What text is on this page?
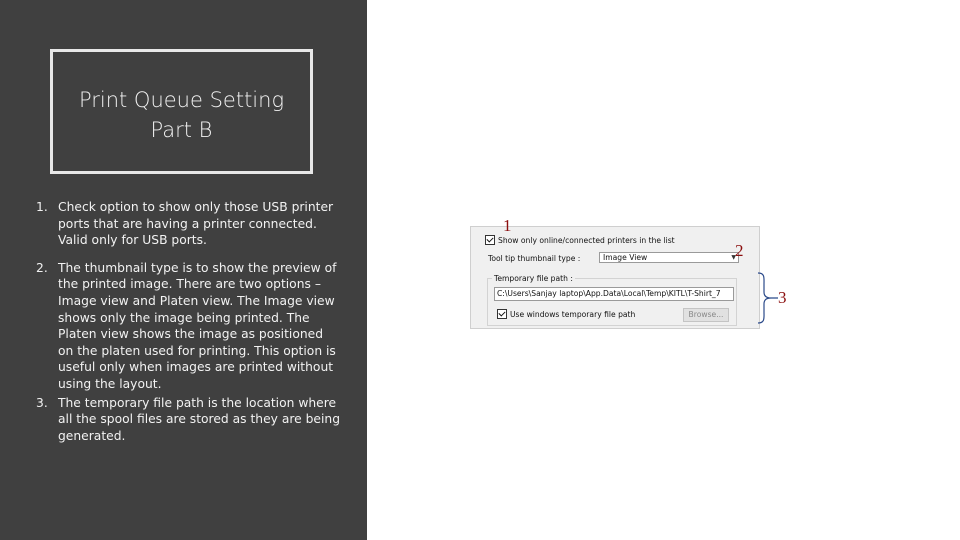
Print Queue Setting
Part B
1. Check option to show only those USB printer ports that are having a printer connected. Valid only for USB ports.
2. The thumbnail type is to show the preview of the printed image. There are two options – Image view and Platen view. The Image view shows only the image being printed. The Platen view shows the image as positioned on the platen used for printing. This option is useful only when images are printed without using the layout.
3. The temporary file path is the location where all the spool files are stored as they are being generated.
Show only online/connected printers in the list
Tool tip thumbnail type :	Image View	▼
Temporary file path :
C:\Users\Sanjay laptop\App.Data\Local\Temp\KITL\T-Shirt_7
Use windows temporary file path	Browse...
1
2
3
